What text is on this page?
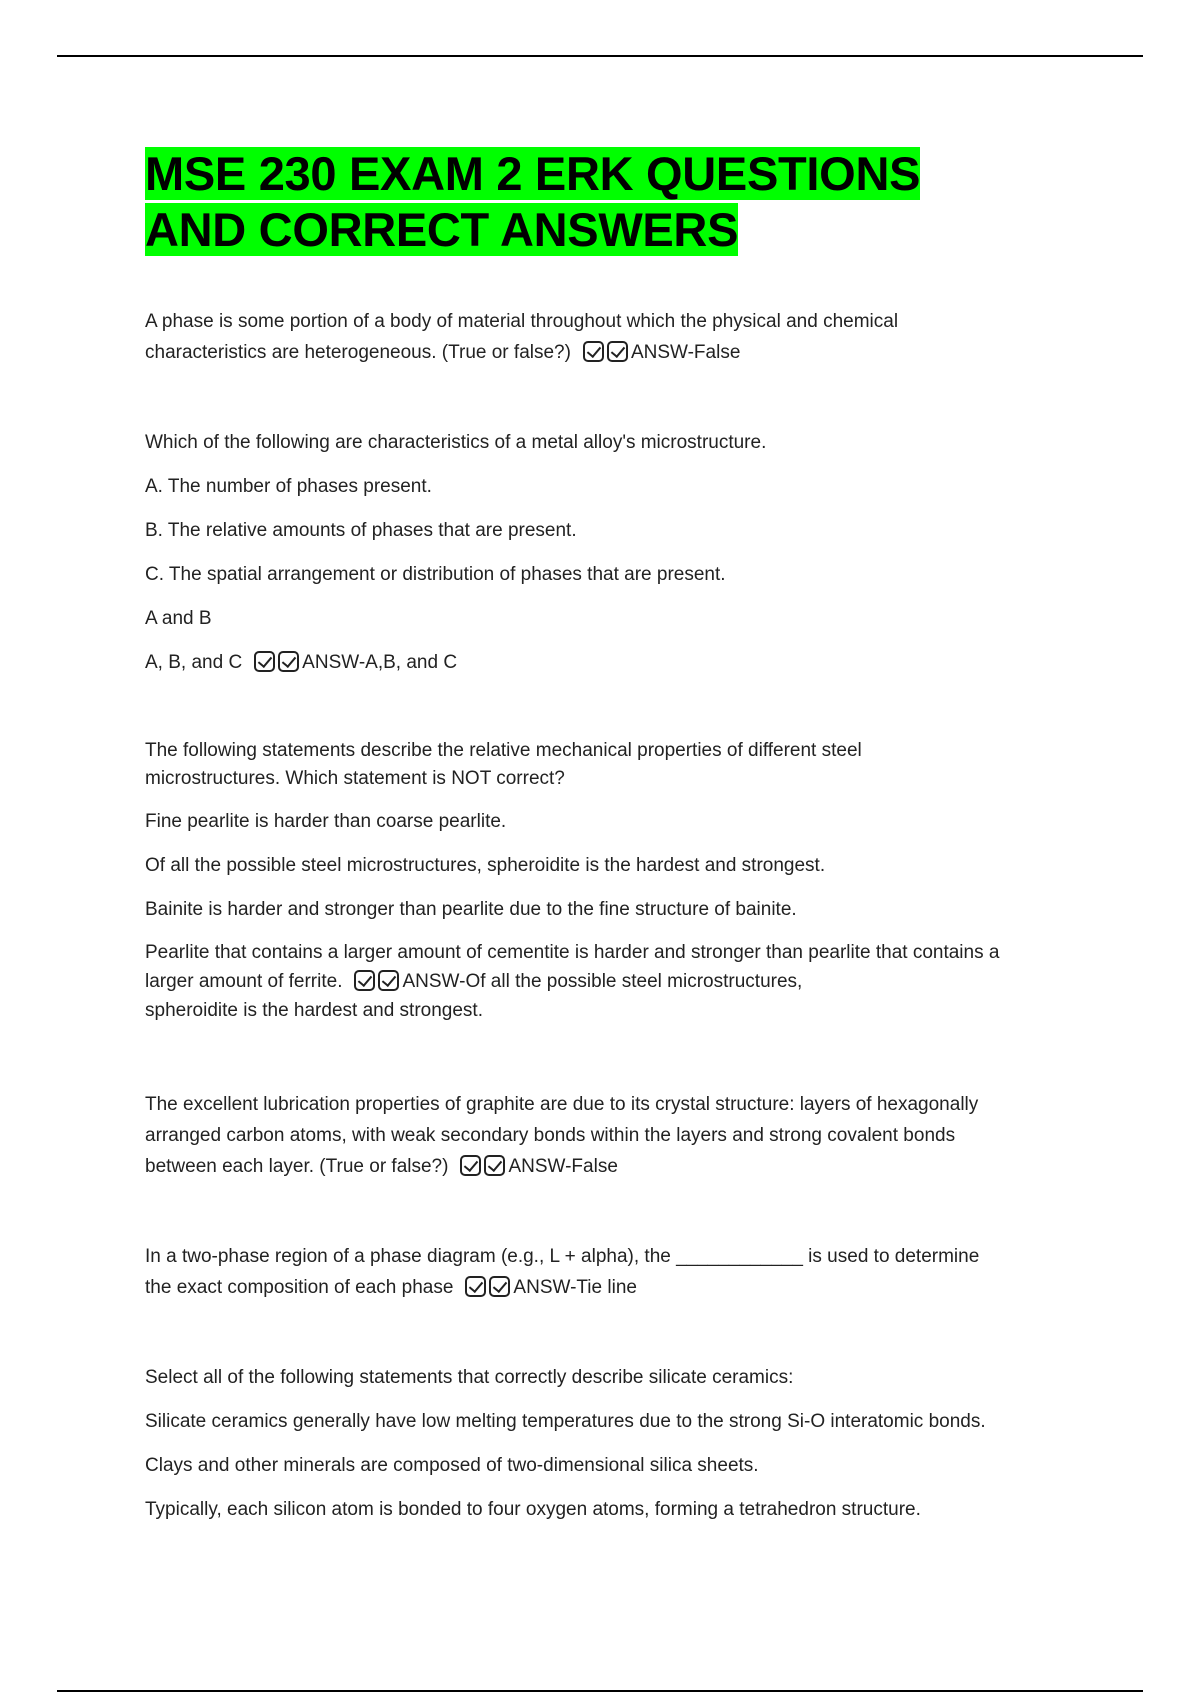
MSE 230 EXAM 2 ERK QUESTIONS
AND CORRECT ANSWERS

A phase is some portion of a body of material throughout which the physical and chemical

characteristics are heterogeneous. (True or false?)	ANSW-False

Which of the following are characteristics of a metal alloy's microstructure.

A. The number of phases present.

B. The relative amounts of phases that are present.

C. The spatial arrangement or distribution of phases that are present.

A and B

A, B, and C	ANSW-A,B, and C

The following statements describe the relative mechanical properties of different steel

microstructures. Which statement is NOT correct?

Fine pearlite is harder than coarse pearlite.

Of all the possible steel microstructures, spheroidite is the hardest and strongest.

Bainite is harder and stronger than pearlite due to the fine structure of bainite.

Pearlite that contains a larger amount of cementite is harder and stronger than pearlite that contains a larger amount of ferrite.	ANSW-Of all the possible steel microstructures,
spheroidite is the hardest and strongest.

The excellent lubrication properties of graphite are due to its crystal structure: layers of hexagonally

arranged carbon atoms, with weak secondary bonds within the layers and strong covalent bonds

between each layer. (True or false?)	ANSW-False

In a two-phase region of a phase diagram (e.g., L + alpha), the ____________ is used to determine

the exact composition of each phase	ANSW-Tie line

Select all of the following statements that correctly describe silicate ceramics:

Silicate ceramics generally have low melting temperatures due to the strong Si-O interatomic bonds.

Clays and other minerals are composed of two-dimensional silica sheets.

Typically, each silicon atom is bonded to four oxygen atoms, forming a tetrahedron structure.
